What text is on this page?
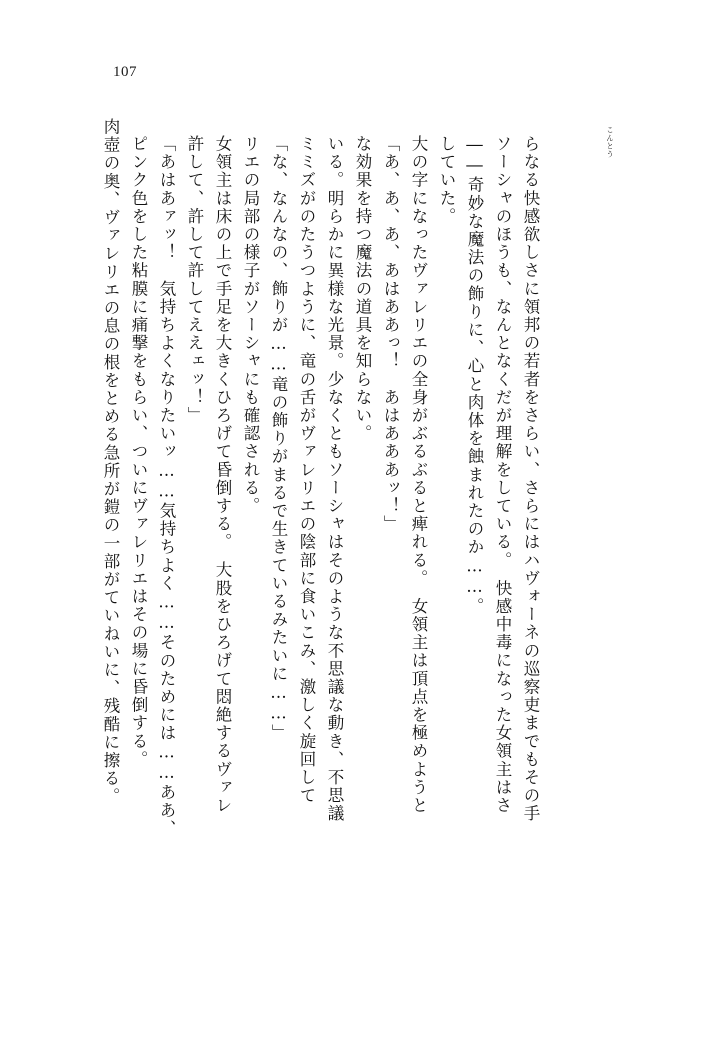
107
肉壺の奥、ヴァレリエの息の根をとめる急所が鎧の一部がていねいに、残酷に擦る。 ピンク色をした粘膜に痛撃をもらい、ついにヴァレリエはその場に昏倒する。 「あはあァッ！　気持ちよくなりたいッ……気持ちよく……そのためには……ああ、 許して、許して許してええェッ！」 女領主は床の上で手足を大きくひろげて昏倒する。　大股をひろげて悶絶するヴァレ リエの局部の様子がソーシャにも確認される。 「な、なんなの、飾りが……竜の飾りがまるで生きているみたいに……」 ミミズがのたうつように、竜の舌がヴァレリエの陰部に食いこみ、激しく旋回して いる。明らかに異様な光景。少なくともソーシャはそのような不思議な動き、不思議 な効果を持つ魔法の道具を知らない。 「あ、あ、あ、あはああっ！　あはあああッ！」 大の字になったヴァレリエの全身がぶるぶると痺れる。　女領主は頂点を極めようと していた。 ――奇妙な魔法の飾りに、心と肉体を蝕まれたのか……。 ソーシャのほうも、なんとなくだが理解をしている。　快感中毒になった女領主はさ らなる快感欲しさに領邦の若者をさらい、さらにはハヴォーネの巡察吏までもその手	こんとう
